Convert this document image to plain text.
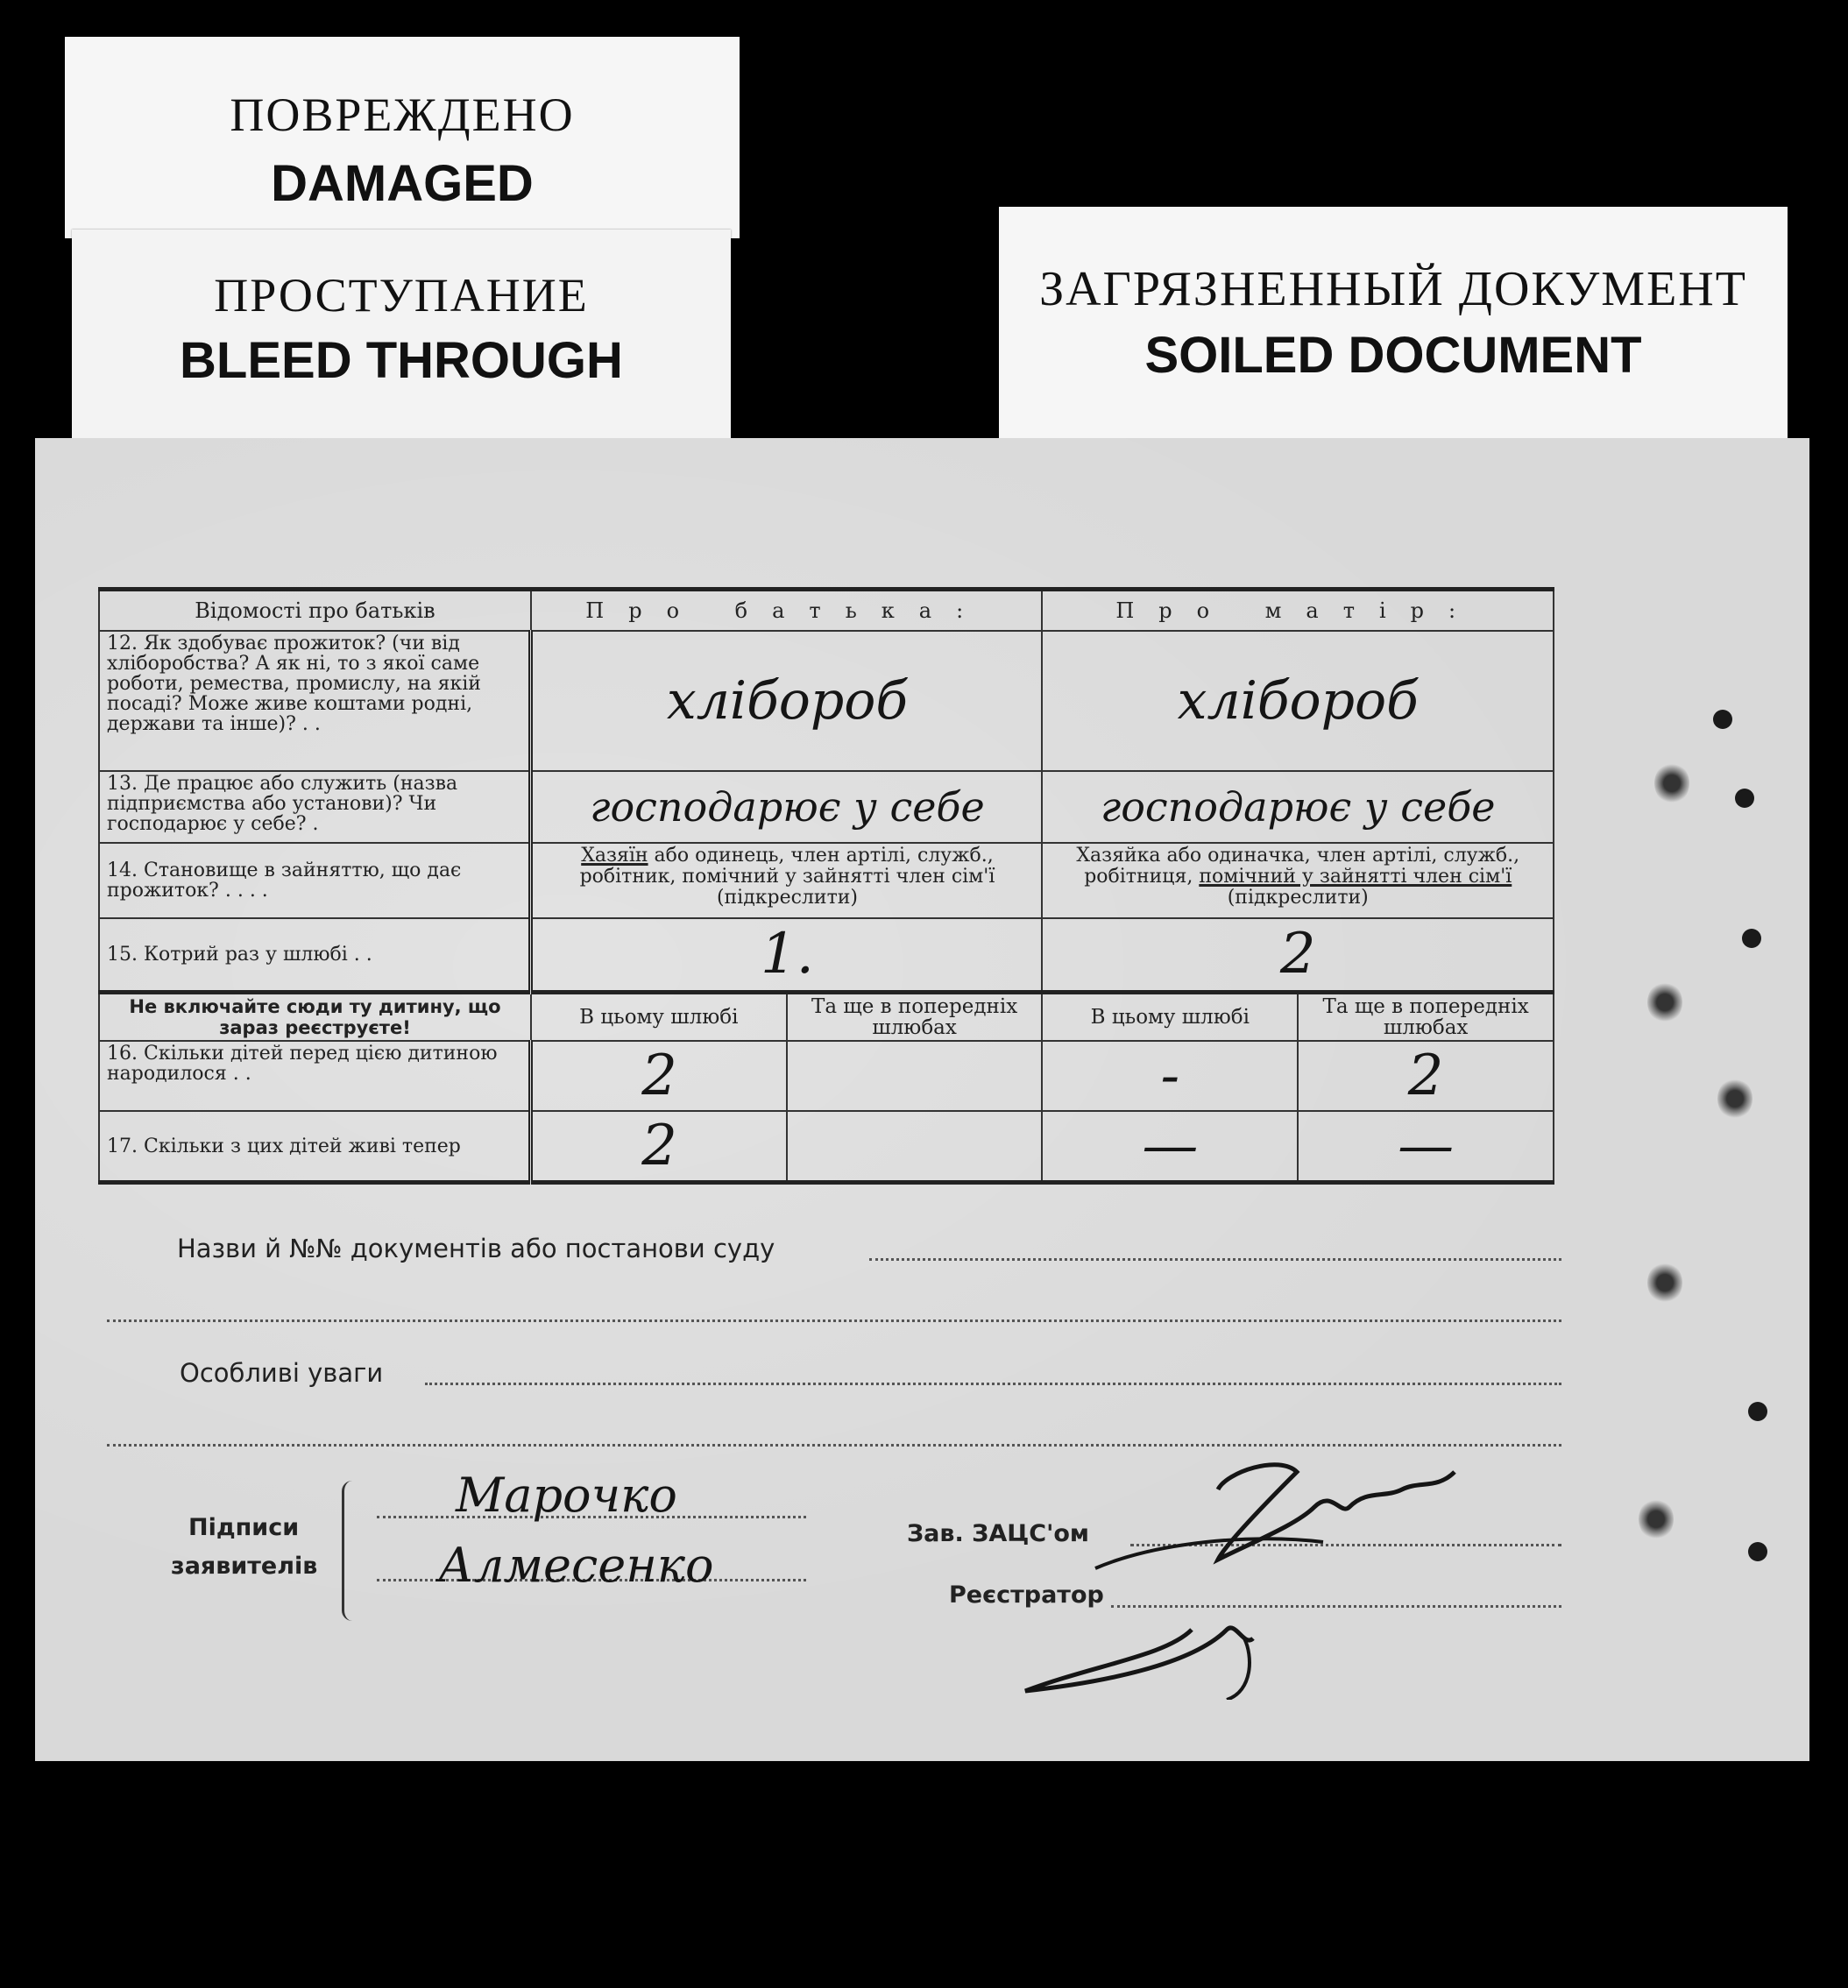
ПОВРЕЖДЕНО
DAMAGED
ПРОСТУПАНИЕ
BLEED THROUGH
ЗАГРЯЗНЕННЫЙ ДОКУМЕНТ
SOILED DOCUMENT
Відомості про батьків	Про батька:		Про матір:	
12. Як здобуває прожиток? (чи від хліборобства? А як ні, то з якої саме роботи, ремества, промислу, на якій посаді? Може живе коштами родні, держави та інше)? . .	хлібороб		хлібороб	

13. Де працює або служить (назва підприємства або установи)? Чи господарює у себе? .	господарює у себе		господарює у себе	

14. Становище в зайняттю, що дає прожиток? . . . .	Хазяїн або одинець, член артілі, служб., робітник, помічний у зайнятті член сім'ї (підкреслити)		Хазяйка або одиначка, член артілі, служб., робітниця, помічний у зайнятті член сім'ї (підкреслити)	
15. Котрий раз у шлюбі . .	1.		2	

Не включайте сюди ту дитину, що зараз реєструєте!	В цьому шлюбі	Та ще в попередніх шлюбах	В цьому шлюбі	Та ще в попередніх шлюбах
16. Скільки дітей перед цією дитиною народилося . .	2		-	2

17. Скільки з цих дітей живі тепер	2		—	—
Назви й №№ документів або постанови суду
Особливі уваги
Підписи
заявителів
Марочко
Алмесенко
Зав. ЗАЦС'ом
Реєстратор
